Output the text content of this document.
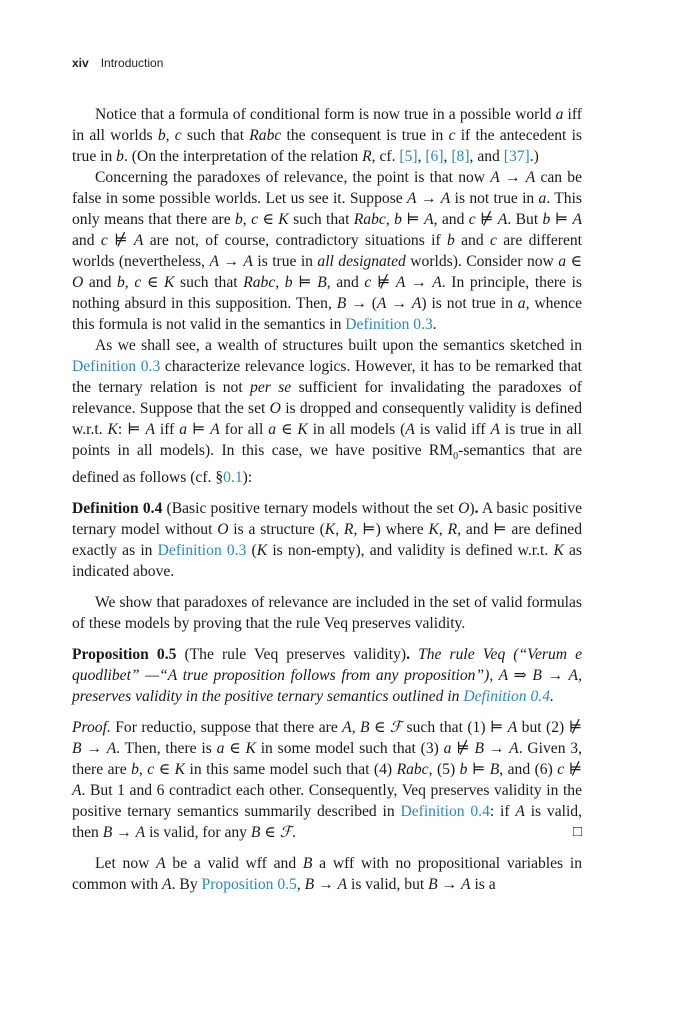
xiv Introduction

Notice that a formula of conditional form is now true in a possible world a iff in all worlds b, c such that Rabc the consequent is true in c if the antecedent is true in b. (On the interpretation of the relation R, cf. [5], [6], [8], and [37].)

Concerning the paradoxes of relevance, the point is that now A → A can be false in some possible worlds. Let us see it. Suppose A → A is not true in a. This only means that there are b, c ∈ K such that Rabc, b ⊨ A, and c ⊭ A. But b ⊨ A and c ⊭ A are not, of course, contradictory situations if b and c are different worlds (nevertheless, A → A is true in all designated worlds). Consider now a ∈ O and b, c ∈ K such that Rabc, b ⊨ B, and c ⊭ A → A. In principle, there is nothing absurd in this supposition. Then, B → (A → A) is not true in a, whence this formula is not valid in the semantics in Definition 0.3.

As we shall see, a wealth of structures built upon the semantics sketched in Definition 0.3 characterize relevance logics. However, it has to be remarked that the ternary relation is not per se sufficient for invalidating the paradoxes of relevance. Suppose that the set O is dropped and consequently validity is defined w.r.t. K: ⊨ A iff a ⊨ A for all a ∈ K in all models (A is valid iff A is true in all points in all models). In this case, we have positive $RM_0$-semantics that are defined as follows (cf. §0.1):

Definition 0.4 (Basic positive ternary models without the set O). A basic positive ternary model without O is a structure (K, R, ⊨) where K, R, and ⊨ are defined exactly as in Definition 0.3 (K is non-empty), and validity is defined w.r.t. K as indicated above.

We show that paradoxes of relevance are included in the set of valid formulas of these models by proving that the rule Veq preserves validity.

Proposition 0.5 (The rule Veq preserves validity). The rule Veq (“Verum e quodlibet” —“A true proposition follows from any proposition”), A ⇒ B → A, preserves validity in the positive ternary semantics outlined in Definition 0.4.

Proof. For reductio, suppose that there are A, B ∈ ℱ such that (1) ⊨ A but (2) ⊭ B → A. Then, there is a ∈ K in some model such that (3) a ⊭ B → A. Given 3, there are b, c ∈ K in this same model such that (4) Rabc, (5) b ⊨ B, and (6) c ⊭ A. But 1 and 6 contradict each other. Consequently, Veq preserves validity in the positive ternary semantics summarily described in Definition 0.4: if A is valid, then B → A is valid, for any B ∈ ℱ.	□

Let now A be a valid wff and B a wff with no propositional variables in common with A. By Proposition 0.5, B → A is valid, but B → A is a
